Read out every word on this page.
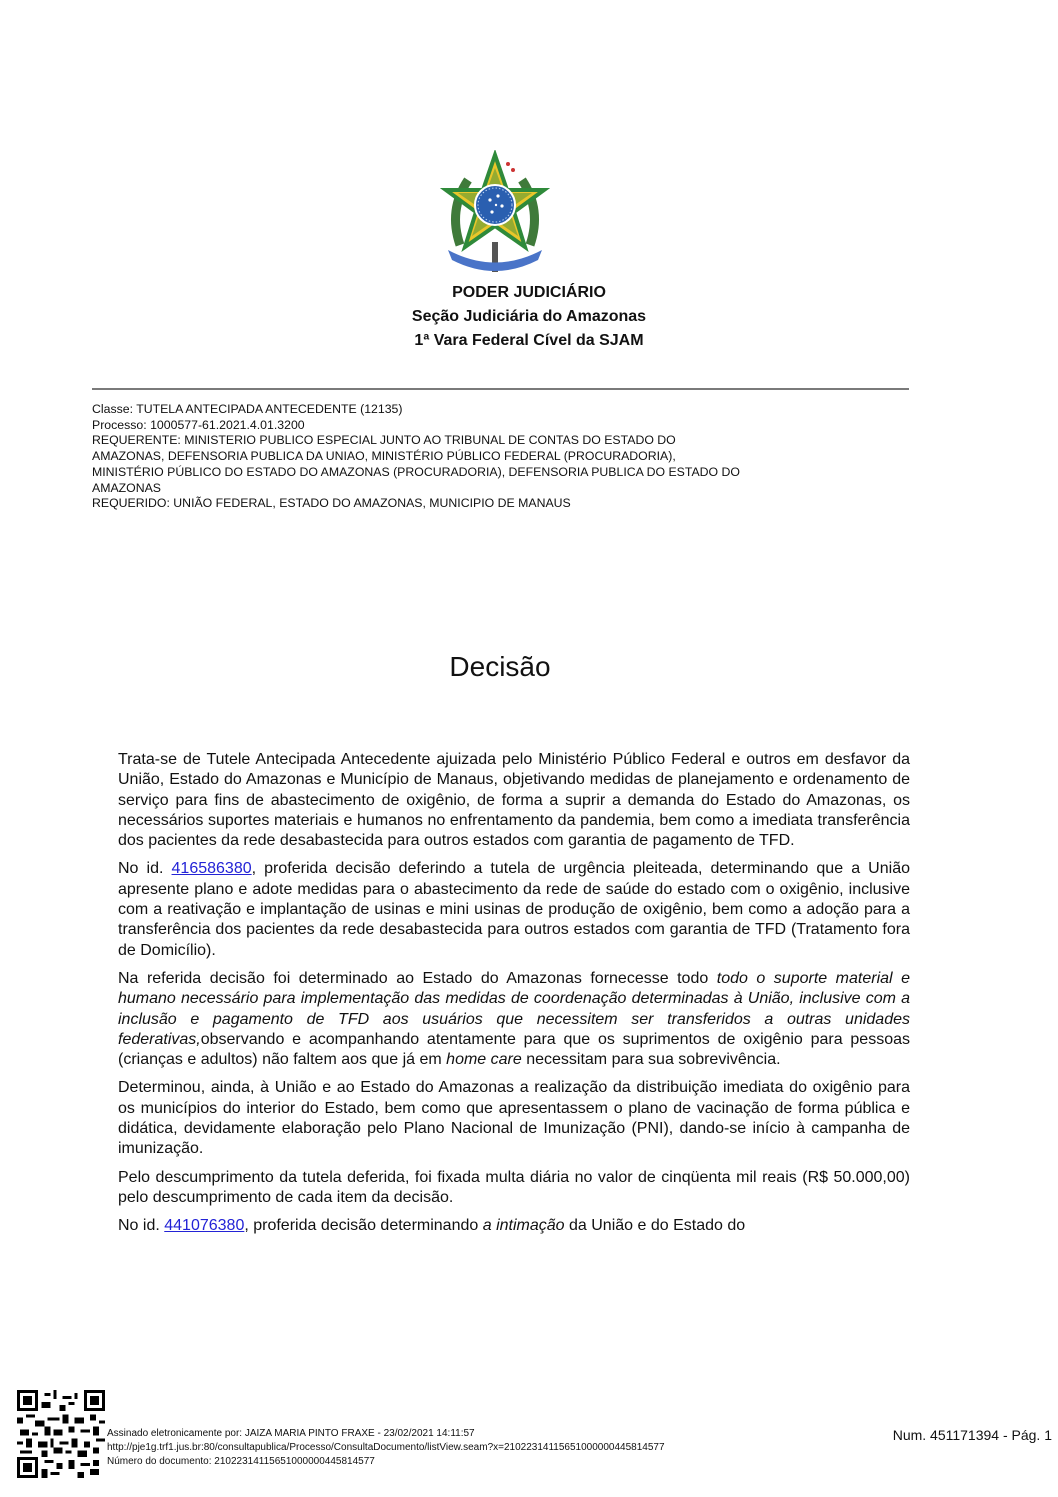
PODER JUDICIÁRIO
Seção Judiciária do Amazonas
1ª Vara Federal Cível da SJAM
Classe: TUTELA ANTECIPADA ANTECEDENTE (12135)
Processo: 1000577-61.2021.4.01.3200
REQUERENTE: MINISTERIO PUBLICO ESPECIAL JUNTO AO TRIBUNAL DE CONTAS DO ESTADO DO
AMAZONAS, DEFENSORIA PUBLICA DA UNIAO, MINISTÉRIO PÚBLICO FEDERAL (PROCURADORIA),
MINISTÉRIO PÚBLICO DO ESTADO DO AMAZONAS (PROCURADORIA), DEFENSORIA PUBLICA DO ESTADO DO
AMAZONAS
REQUERIDO: UNIÃO FEDERAL, ESTADO DO AMAZONAS, MUNICIPIO DE MANAUS
Decisão

Trata-se de Tutele Antecipada Antecedente ajuizada pelo Ministério Público Federal e outros em desfavor da União, Estado do Amazonas e Município de Manaus, objetivando medidas de planejamento e ordenamento de serviço para fins de abastecimento de oxigênio, de forma a suprir a demanda do Estado do Amazonas, os necessários suportes materiais e humanos no enfrentamento da pandemia, bem como a imediata transferência dos pacientes da rede desabastecida para outros estados com garantia de pagamento de TFD.

No id. 416586380, proferida decisão deferindo a tutela de urgência pleiteada, determinando que a União apresente plano e adote medidas para o abastecimento da rede de saúde do estado com o oxigênio, inclusive com a reativação e implantação de usinas e mini usinas de produção de oxigênio, bem como a adoção para a transferência dos pacientes da rede desabastecida para outros estados com garantia de TFD (Tratamento fora de Domicílio).

Na referida decisão foi determinado ao Estado do Amazonas fornecesse todo todo o suporte material e humano necessário para implementação das medidas de coordenação determinadas à União, inclusive com a inclusão e pagamento de TFD aos usuários que necessitem ser transferidos a outras unidades federativas,observando e acompanhando atentamente para que os suprimentos de oxigênio para pessoas (crianças e adultos) não faltem aos que já em home care necessitam para sua sobrevivência.

Determinou, ainda, à União e ao Estado do Amazonas a realização da distribuição imediata do oxigênio para os municípios do interior do Estado, bem como que apresentassem o plano de vacinação de forma pública e didática, devidamente elaboração pelo Plano Nacional de Imunização (PNI), dando-se início à campanha de imunização.

Pelo descumprimento da tutela deferida, foi fixada multa diária no valor de cinqüenta mil reais (R$ 50.000,00) pelo descumprimento de cada item da decisão.

No id. 441076380, proferida decisão determinando a intimação da União e do Estado do

Assinado eletronicamente por: JAIZA MARIA PINTO FRAXE - 23/02/2021 14:11:57
http://pje1g.trf1.jus.br:80/consultapublica/Processo/ConsultaDocumento/listView.seam?x=21022314115651000000445814577
Número do documento: 21022314115651000000445814577
Num. 451171394 - Pág. 1
